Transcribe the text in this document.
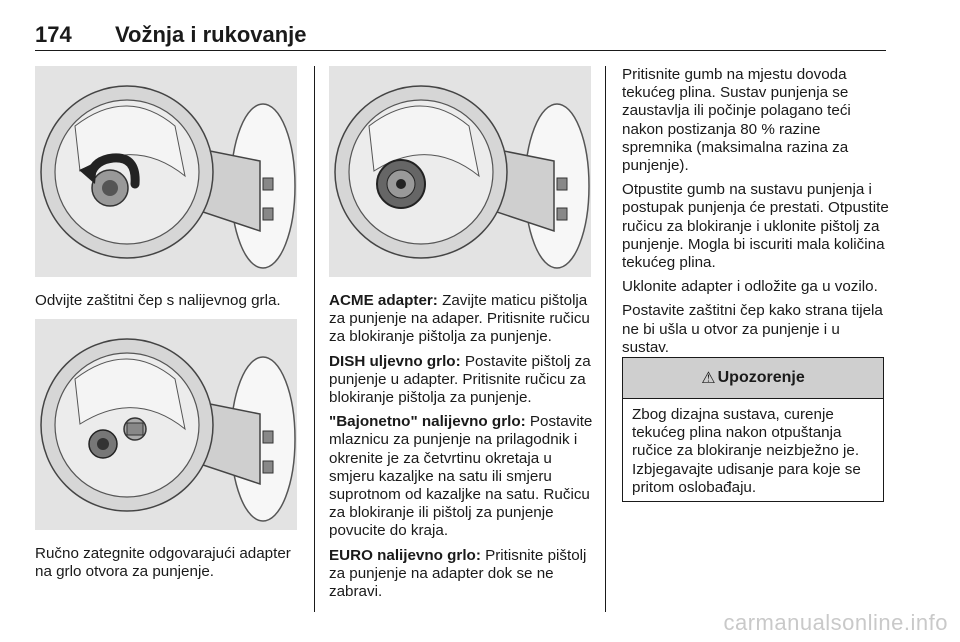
174 Vožnja i rukovanje
Odvijte zaštitni čep s nalijevnog grla.
Ručno zategnite odgovarajući adapter na grlo otvora za punjenje.

ACME adapter: Zavijte maticu pištolja za punjenje na adaper. Pritisnite ručicu za blokiranje pištolja za punjenje.

DISH uljevno grlo: Postavite pištolj za punjenje u adapter. Pritisnite ručicu za blokiranje pištolja za punjenje.

"Bajonetno" nalijevno grlo: Postavite mlaznicu za punjenje na prilagodnik i okrenite je za četvrtinu okretaja u smjeru kazaljke na satu ili smjeru suprotnom od kazaljke na satu. Ručicu za blokiranje ili pištolj za punjenje povucite do kraja.

EURO nalijevno grlo: Pritisnite pištolj za punjenje na adapter dok se ne zabravi.

Pritisnite gumb na mjestu dovoda tekućeg plina. Sustav punjenja se zaustavlja ili počinje polagano teći nakon postizanja 80 % razine spremnika (maksimalna razina za punjenje).

Otpustite gumb na sustavu punjenja i postupak punjenja će prestati. Otpustite ručicu za blokiranje i uklonite pištolj za punjenje. Mogla bi iscuriti mala količina tekućeg plina.

Uklonite adapter i odložite ga u vozilo.

Postavite zaštitni čep kako strana tijela ne bi ušla u otvor za punjenje i u sustav.

⚠ Upozorenje
Zbog dizajna sustava, curenje tekućeg plina nakon otpuštanja ručice za blokiranje neizbježno je. Izbjegavajte udisanje para koje se pritom oslobađaju.
carmanualsonline.info
